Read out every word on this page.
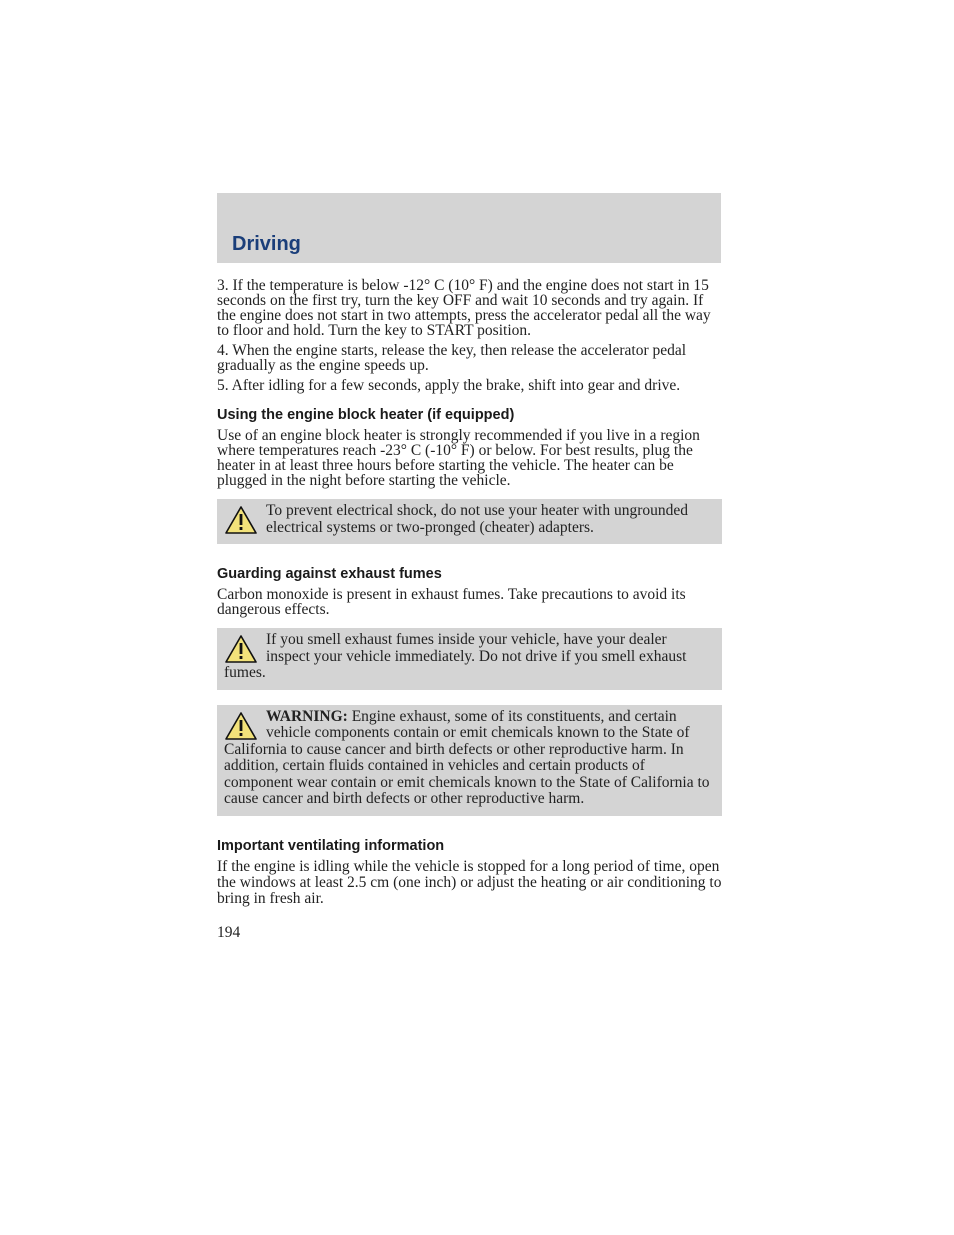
Driving

3. If the temperature is below -12° C (10° F) and the engine does not start in 15 seconds on the first try, turn the key OFF and wait 10 seconds and try again. If the engine does not start in two attempts, press the accelerator pedal all the way to floor and hold. Turn the key to START position.

4. When the engine starts, release the key, then release the accelerator pedal gradually as the engine speeds up.

5. After idling for a few seconds, apply the brake, shift into gear and drive.

Using the engine block heater (if equipped)

Use of an engine block heater is strongly recommended if you live in a region where temperatures reach -23° C (-10° F) or below. For best results, plug the heater in at least three hours before starting the vehicle. The heater can be plugged in the night before starting the vehicle.

To prevent electrical shock, do not use your heater with ungrounded electrical systems or two-pronged (cheater) adapters.
Guarding against exhaust fumes

Carbon monoxide is present in exhaust fumes. Take precautions to avoid its dangerous effects.

If you smell exhaust fumes inside your vehicle, have your dealer inspect your vehicle immediately. Do not drive if you smell exhaust fumes.
WARNING: Engine exhaust, some of its constituents, and certain vehicle components contain or emit chemicals known to the State of California to cause cancer and birth defects or other reproductive harm. In addition, certain fluids contained in vehicles and certain products of component wear contain or emit chemicals known to the State of California to cause cancer and birth defects or other reproductive harm.
Important ventilating information

If the engine is idling while the vehicle is stopped for a long period of time, open the windows at least 2.5 cm (one inch) or adjust the heating or air conditioning to bring in fresh air.

194
